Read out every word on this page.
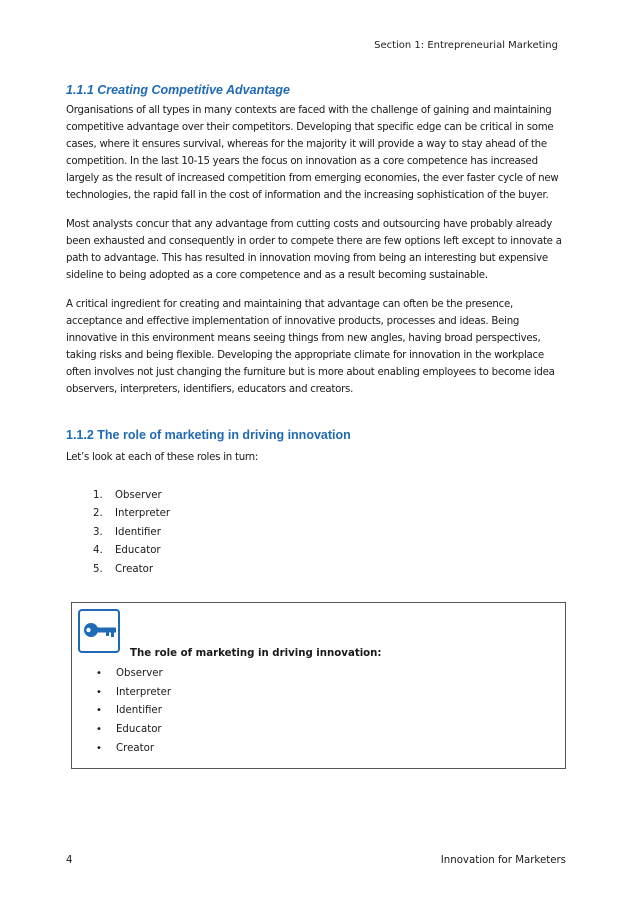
Section 1: Entrepreneurial Marketing
1.1.1 Creating Competitive Advantage

Organisations of all types in many contexts are faced with the challenge of gaining and maintaining competitive advantage over their competitors. Developing that specific edge can be critical in some cases, where it ensures survival, whereas for the majority it will provide a way to stay ahead of the competition. In the last 10-15 years the focus on innovation as a core competence has increased largely as the result of increased competition from emerging economies, the ever faster cycle of new technologies, the rapid fall in the cost of information and the increasing sophistication of the buyer.

Most analysts concur that any advantage from cutting costs and outsourcing have probably already been exhausted and consequently in order to compete there are few options left except to innovate a path to advantage. This has resulted in innovation moving from being an interesting but expensive sideline to being adopted as a core competence and as a result becoming sustainable.

A critical ingredient for creating and maintaining that advantage can often be the presence, acceptance and effective implementation of innovative products, processes and ideas. Being innovative in this environment means seeing things from new angles, having broad perspectives, taking risks and being flexible. Developing the appropriate climate for innovation in the workplace often involves not just changing the furniture but is more about enabling employees to become idea observers, interpreters, identifiers, educators and creators.

1.1.2 The role of marketing in driving innovation

Let’s look at each of these roles in turn:

1.	Observer
2.	Interpreter
3.	Identifier
4.	Educator
5.	Creator
The role of marketing in driving innovation:
•	Observer
•	Interpreter
•	Identifier
•	Educator
•	Creator
4	Innovation for Marketers
